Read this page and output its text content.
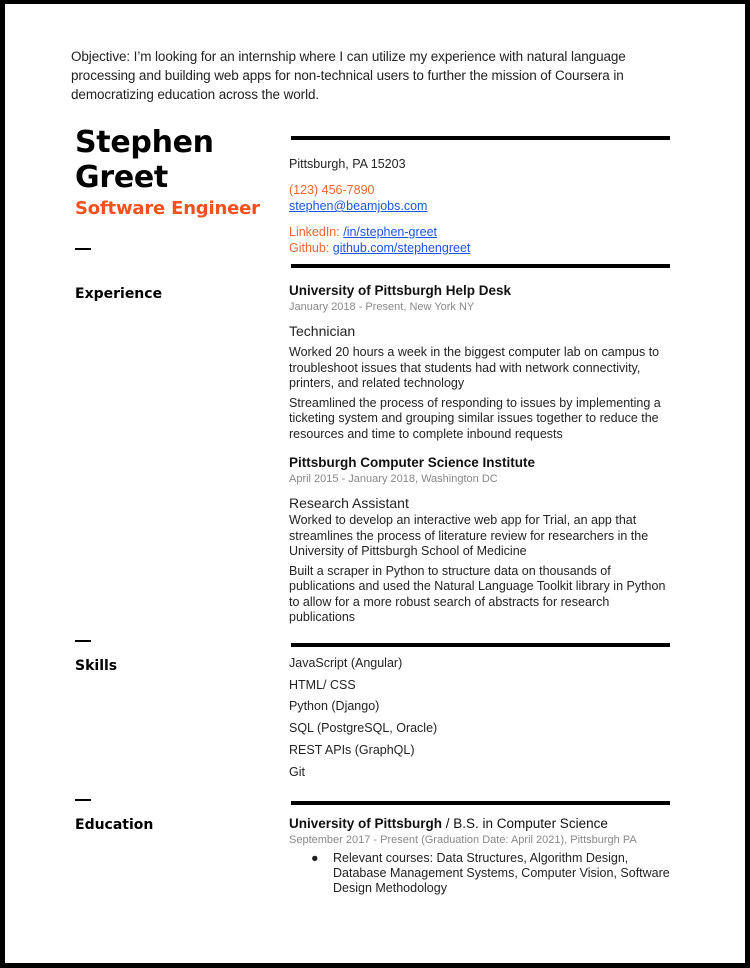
Objective: I’m looking for an internship where I can utilize my experience with natural language processing and building web apps for non-technical users to further the mission of Coursera in democratizing education across the world.

Stephen
Greet
Software Engineer
Pittsburgh, PA 15203
(123) 456-7890
stephen@beamjobs.com
LinkedIn: /in/stephen-greet
Github: github.com/stephengreet
Experience	University of Pittsburgh Help Desk
January 2018 - Present, New York NY
Technician
Worked 20 hours a week in the biggest computer lab on campus to troubleshoot issues that students had with network connectivity, printers, and related technology
Streamlined the process of responding to issues by implementing a ticketing system and grouping similar issues together to reduce the resources and time to complete inbound requests
Pittsburgh Computer Science Institute
April 2015 - January 2018, Washington DC
Research Assistant
Worked to develop an interactive web app for Trial, an app that streamlines the process of literature review for researchers in the University of Pittsburgh School of Medicine
Built a scraper in Python to structure data on thousands of publications and used the Natural Language Toolkit library in Python to allow for a more robust search of abstracts for research publications
Skills	JavaScript (Angular)
HTML/ CSS
Python (Django)
SQL (PostgreSQL, Oracle)
REST APIs (GraphQL)
Git
Education	University of Pittsburgh / B.S. in Computer Science
September 2017 - Present (Graduation Date: April 2021), Pittsburgh PA
● Relevant courses: Data Structures, Algorithm Design, Database Management Systems, Computer Vision, Software Design Methodology
